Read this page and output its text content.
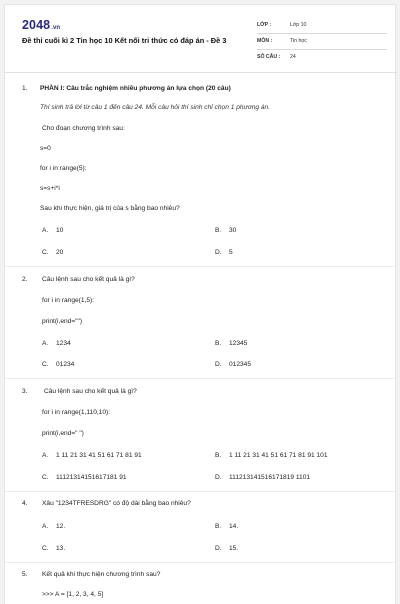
2048.vn
Đề thi cuối kì 2 Tin học 10 Kết nối tri thức có đáp án - Đề 3
LỚP :	Lớp 10
MÔN :	Tin học
SỐ CÂU : 24
1. PHẦN I: Câu trắc nghiệm nhiều phương án lựa chọn (20 câu)
Thí sinh trả lời từ câu 1 đến câu 24. Mỗi câu hỏi thí sinh chỉ chọn 1 phương án.
Cho đoạn chương trình sau:
s=0
for i in range(5):
s=s+i*i
Sau khi thực hiện, giá trị của s bằng bao nhiêu?
A. 10	B. 30
C. 20	D. 5
2. Câu lệnh sau cho kết quả là gì?
for i in range(1,5):
print(i,end="")
A. 1234	B. 12345
C. 01234	D. 012345
3.	Câu lệnh sau cho kết quả là gì?
for i in range(1,110,10):
print(i,end=" ")
A. 1 11 21 31 41 51 61 71 81 91	B. 1 11 21 31 41 51 61 71 81 91 101
C. 11121314151617181 91	D. 111213141516171819 1101
4. Xâu "1234TFRESDRG" có độ dài bằng bao nhiêu?
A. 12.	B. 14.
C. 13.	D. 15.
5. Kết quả khi thực hiện chương trình sau?
>>> A = [1, 2, 3, 4, 5]
